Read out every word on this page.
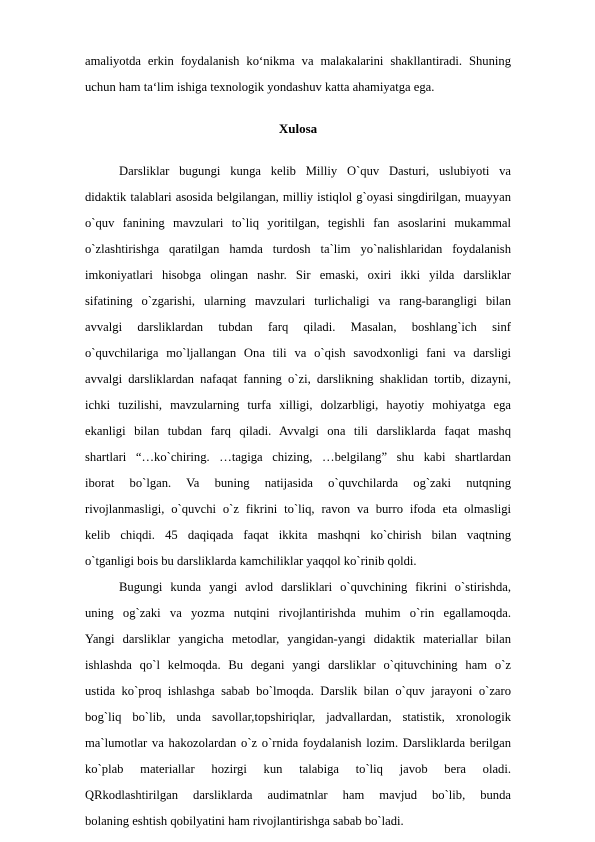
amaliyotda erkin foydalanish ko‘nikma va malakalarini shakllantiradi. Shuning
uchun ham ta‘lim ishiga texnologik yondashuv katta ahamiyatga ega.
Xulosa
Darsliklar bugungi kunga kelib Milliy O`quv Dasturi, uslubiyoti va
didaktik talablari asosida belgilangan, milliy istiqlol g`oyasi singdirilgan, muayyan
o`quv fanining mavzulari to`liq yoritilgan, tegishli fan asoslarini mukammal
o`zlashtirishga qaratilgan hamda turdosh ta`lim yo`nalishlaridan foydalanish
imkoniyatlari hisobga olingan nashr. Sir emaski, oxiri ikki yilda darsliklar
sifatining o`zgarishi, ularning mavzulari turlichaligi va rang-barangligi bilan
avvalgi darsliklardan tubdan farq qiladi. Masalan, boshlang`ich sinf
o`quvchilariga mo`ljallangan Ona tili va o`qish savodxonligi fani va darsligi
avvalgi darsliklardan nafaqat fanning o`zi, darslikning shaklidan tortib, dizayni,
ichki tuzilishi, mavzularning turfa xilligi, dolzarbligi, hayotiy mohiyatga ega
ekanligi bilan tubdan farq qiladi. Avvalgi ona tili darsliklarda faqat mashq
shartlari “…ko`chiring. …tagiga chizing, …belgilang” shu kabi shartlardan
iborat bo`lgan. Va buning natijasida o`quvchilarda og`zaki nutqning
rivojlanmasligi, o`quvchi o`z fikrini to`liq, ravon va burro ifoda eta olmasligi
kelib chiqdi. 45 daqiqada faqat ikkita mashqni ko`chirish bilan vaqtning
o`tganligi bois bu darsliklarda kamchiliklar yaqqol ko`rinib qoldi.
Bugungi kunda yangi avlod darsliklari o`quvchining fikrini o`stirishda,
uning og`zaki va yozma nutqini rivojlantirishda muhim o`rin egallamoqda.
Yangi darsliklar yangicha metodlar, yangidan-yangi didaktik materiallar bilan
ishlashda qo`l kelmoqda. Bu degani yangi darsliklar o`qituvchining ham o`z
ustida ko`proq ishlashga sabab bo`lmoqda. Darslik bilan o`quv jarayoni o`zaro
bog`liq bo`lib, unda savollar,topshiriqlar, jadvallardan, statistik, xronologik
ma`lumotlar va hakozolardan o`z o`rnida foydalanish lozim. Darsliklarda berilgan
ko`plab materiallar hozirgi kun talabiga to`liq javob bera oladi.
QRkodlashtirilgan darsliklarda audimatnlar ham mavjud bo`lib, bunda
bolaning eshtish qobilyatini ham rivojlantirishga sabab bo`ladi.
